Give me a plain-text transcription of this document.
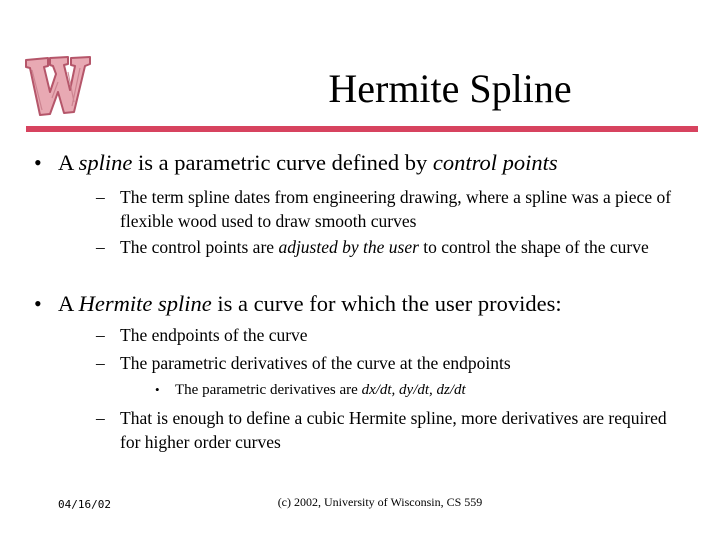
Hermite Spline
• A spline is a parametric curve defined by control points
– The term spline dates from engineering drawing, where a spline was a piece of flexible wood used to draw smooth curves
– The control points are adjusted by the user to control the shape of the curve
• A Hermite spline is a curve for which the user provides:
– The endpoints of the curve
– The parametric derivatives of the curve at the endpoints
• The parametric derivatives are dx/dt, dy/dt, dz/dt
– That is enough to define a cubic Hermite spline, more derivatives are required for higher order curves
04/16/02	(c) 2002, University of Wisconsin, CS 559
